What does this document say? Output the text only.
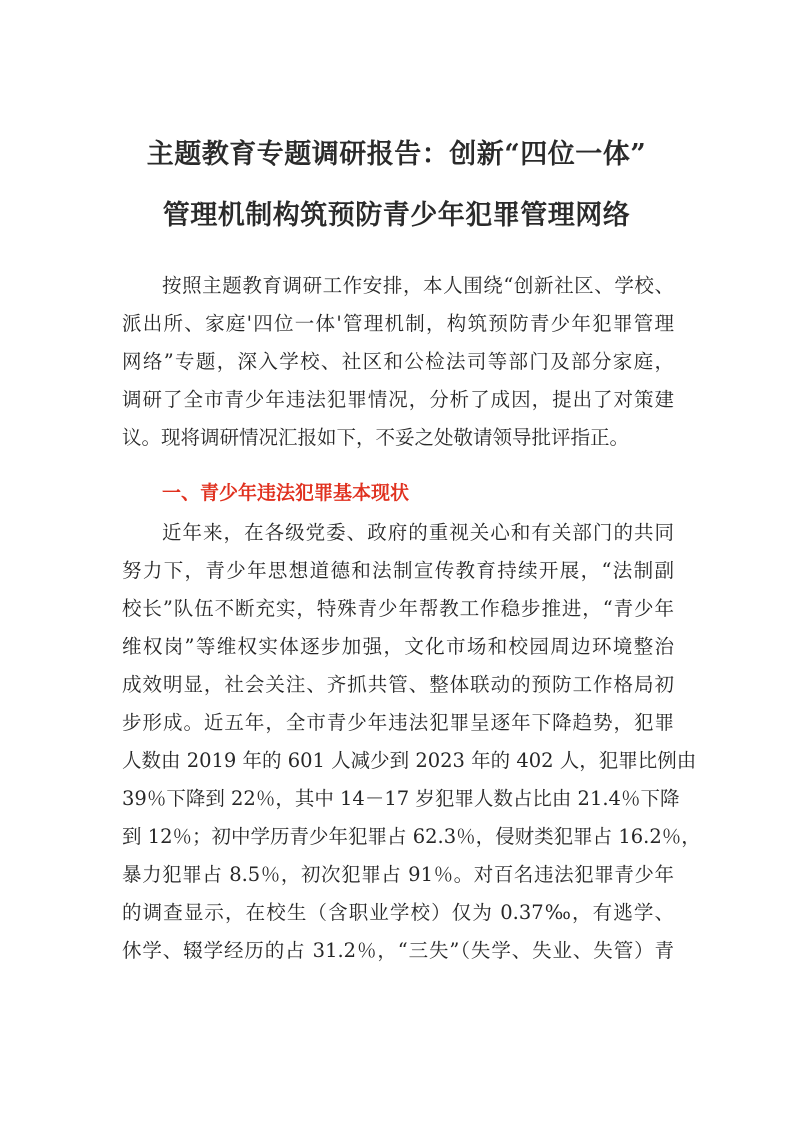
主题教育专题调研报告：创新“四位一体”
管理机制构筑预防青少年犯罪管理网络
按照主题教育调研工作安排，本人围绕“创新社区、学校、
派出所、家庭'四位一体'管理机制，构筑预防青少年犯罪管理
网络”专题，深入学校、社区和公检法司等部门及部分家庭，
调研了全市青少年违法犯罪情况，分析了成因，提出了对策建
议。现将调研情况汇报如下，不妥之处敬请领导批评指正。
一、青少年违法犯罪基本现状
近年来，在各级党委、政府的重视关心和有关部门的共同
努力下，青少年思想道德和法制宣传教育持续开展，“法制副
校长”队伍不断充实，特殊青少年帮教工作稳步推进，“青少年
维权岗”等维权实体逐步加强，文化市场和校园周边环境整治
成效明显，社会关注、齐抓共管、整体联动的预防工作格局初
步形成。近五年，全市青少年违法犯罪呈逐年下降趋势，犯罪
人数由 2019 年的 601 人减少到 2023 年的 402 人，犯罪比例由
39％下降到 22％，其中 14－17 岁犯罪人数占比由 21.4％下降
到 12％；初中学历青少年犯罪占 62.3％，侵财类犯罪占 16.2％，
暴力犯罪占 8.5％，初次犯罪占 91％。对百名违法犯罪青少年
的调查显示，在校生（含职业学校）仅为 0.37‰，有逃学、
休学、辍学经历的占 31.2％，“三失”（失学、失业、失管）青
